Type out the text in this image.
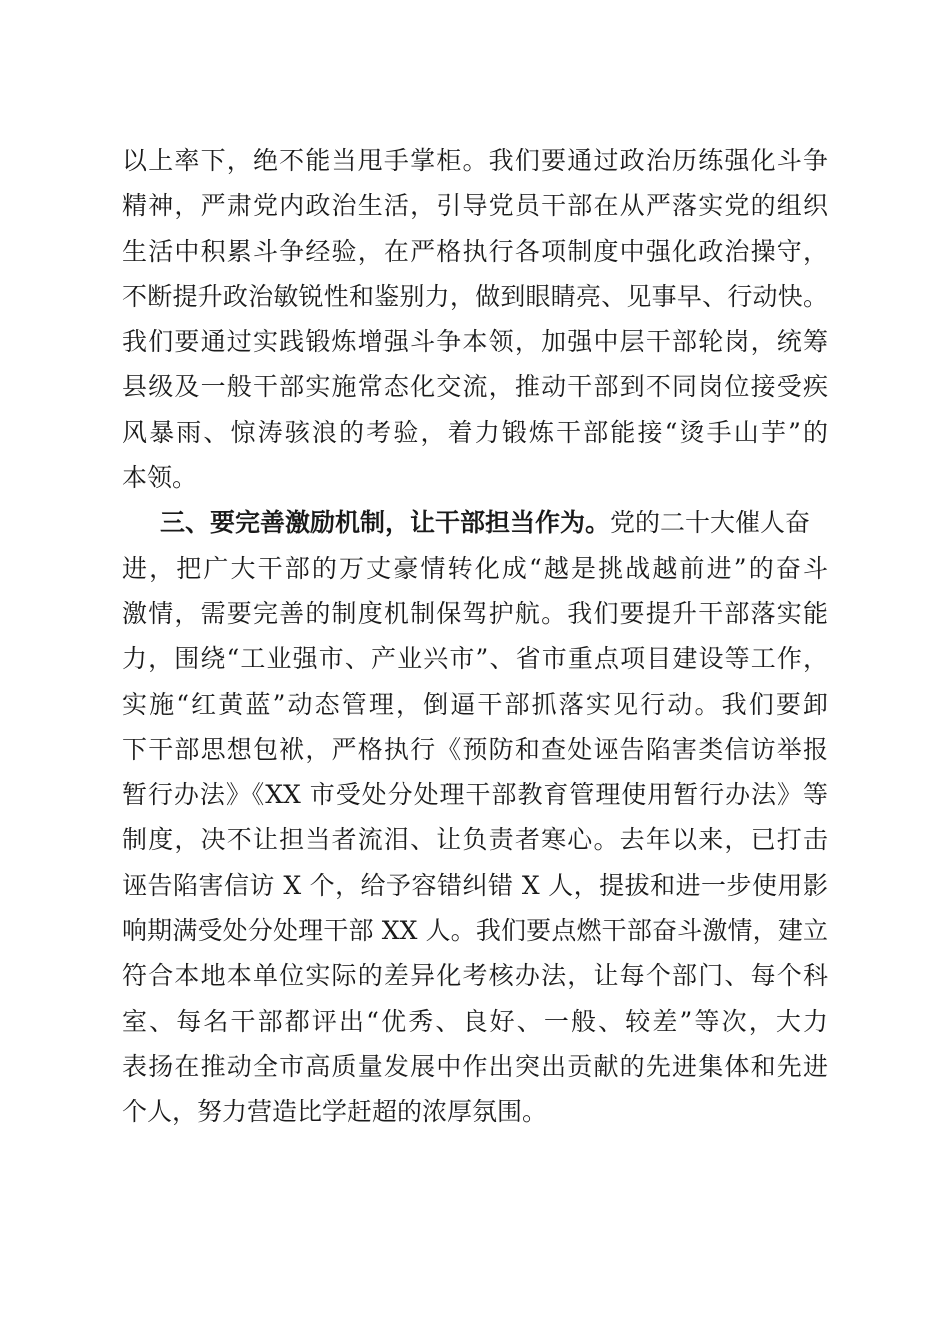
以上率下，绝不能当甩手掌柜。我们要通过政治历练强化斗争
精神，严肃党内政治生活，引导党员干部在从严落实党的组织
生活中积累斗争经验，在严格执行各项制度中强化政治操守，
不断提升政治敏锐性和鉴别力，做到眼睛亮、见事早、行动快。
我们要通过实践锻炼增强斗争本领，加强中层干部轮岗，统筹
县级及一般干部实施常态化交流，推动干部到不同岗位接受疾
风暴雨、惊涛骇浪的考验，着力锻炼干部能接“烫手山芋”的
本领。
三、要完善激励机制，让干部担当作为。 党的二十大催人奋
进，把广大干部的万丈豪情转化成“越是挑战越前进”的奋斗
激情，需要完善的制度机制保驾护航。我们要提升干部落实能
力，围绕“工业强市、产业兴市”、省市重点项目建设等工作，
实施“红黄蓝”动态管理，倒逼干部抓落实见行动。我们要卸
下干部思想包袱，严格执行《预防和查处诬告陷害类信访举报
暂行办法》《XX 市受处分处理干部教育管理使用暂行办法》等
制度，决不让担当者流泪、让负责者寒心。去年以来，已打击
诬告陷害信访 X 个，给予容错纠错 X 人，提拔和进一步使用影
响期满受处分处理干部 XX 人。我们要点燃干部奋斗激情，建立
符合本地本单位实际的差异化考核办法，让每个部门、每个科
室、每名干部都评出“优秀、良好、一般、较差”等次，大力
表扬在推动全市高质量发展中作出突出贡献的先进集体和先进
个人，努力营造比学赶超的浓厚氛围。
